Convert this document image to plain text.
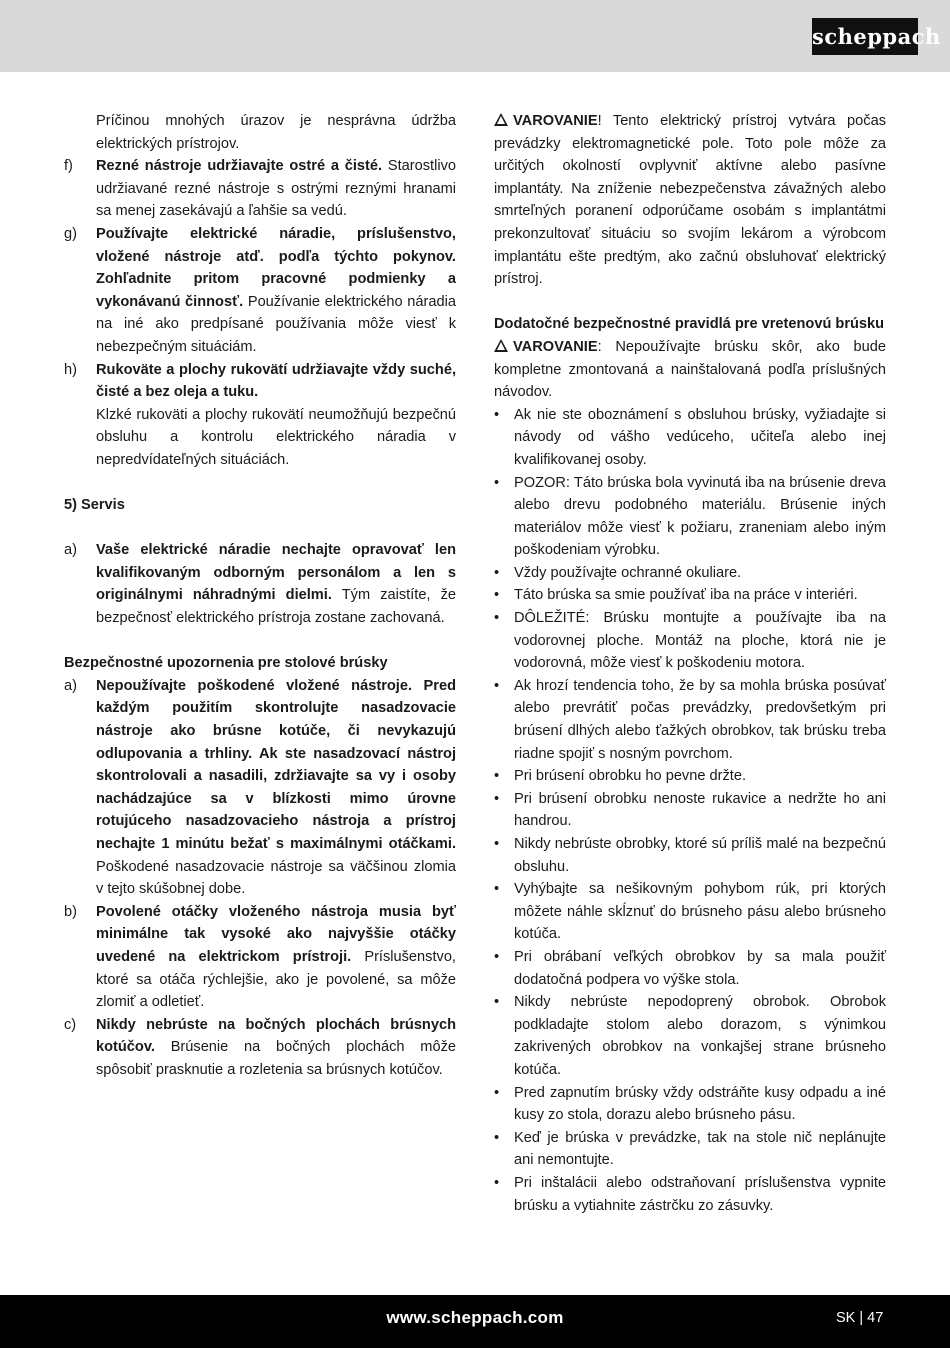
scheppach

Príčinou mnohých úrazov je nesprávna údržba elektrických prístrojov.

f) Rezné nástroje udržiavajte ostré a čisté. Starostlivo udržiavané rezné nástroje s ostrými reznými hranami sa menej zasekávajú a ľahšie sa vedú.
g) Používajte elektrické náradie, príslušenstvo, vložené nástroje atď. podľa týchto pokynov. Zohľadnite pritom pracovné podmienky a vykonávanú činnosť. Používanie elektrického náradia na iné ako predpísané používania môže viesť k nebezpečným situáciám.
h) Rukoväte a plochy rukovätí udržiavajte vždy suché, čisté a bez oleja a tuku.

Klzké rukoväti a plochy rukovätí neumožňujú bezpečnú obsluhu a kontrolu elektrického náradia v nepredvídateľných situáciách.

5) Servis

a) Vaše elektrické náradie nechajte opravovať len kvalifikovaným odborným personálom a len s originálnymi náhradnými dielmi. Tým zaistíte, že bezpečnosť elektrického prístroja zostane zachovaná.

Bezpečnostné upozornenia pre stolové brúsky

a) Nepoužívajte poškodené vložené nástroje. Pred každým použitím skontrolujte nasadzovacie nástroje ako brúsne kotúče, či nevykazujú odlupovania a trhliny. Ak ste nasadzovací nástroj skontrolovali a nasadili, zdržiavajte sa vy i osoby nachádzajúce sa v blízkosti mimo úrovne rotujúceho nasadzovacieho nástroja a prístroj nechajte 1 minútu bežať s maximálnymi otáčkami. Poškodené nasadzovacie nástroje sa väčšinou zlomia v tejto skúšobnej dobe.
b) Povolené otáčky vloženého nástroja musia byť minimálne tak vysoké ako najvyššie otáčky uvedené na elektrickom prístroji. Príslušenstvo, ktoré sa otáča rýchlejšie, ako je povolené, sa môže zlomiť a odletieť.
c) Nikdy nebrúste na bočných plochách brúsnych kotúčov. Brúsenie na bočných plochách môže spôsobiť prasknutie a rozletenia sa brúsnych kotúčov.

VAROVANIE! Tento elektrický prístroj vytvára počas prevádzky elektromagnetické pole. Toto pole môže za určitých okolností ovplyvniť aktívne alebo pasívne implantáty. Na zníženie nebezpečenstva závažných alebo smrteľných poranení odporúčame osobám s implantátmi prekonzultovať situáciu so svojím lekárom a výrobcom implantátu ešte predtým, ako začnú obsluhovať elektrický prístroj.

Dodatočné bezpečnostné pravidlá pre vretenovú brúsku

VAROVANIE: Nepoužívajte brúsku skôr, ako bude kompletne zmontovaná a nainštalovaná podľa príslušných návodov.

• Ak nie ste oboznámení s obsluhou brúsky, vyžiadajte si návody od vášho vedúceho, učiteľa alebo inej kvalifikovanej osoby.
• POZOR: Táto brúska bola vyvinutá iba na brúsenie dreva alebo drevu podobného materiálu. Brúsenie iných materiálov môže viesť k požiaru, zraneniam alebo iným poškodeniam výrobku.
• Vždy používajte ochranné okuliare.
• Táto brúska sa smie používať iba na práce v interiéri.
• DÔLEŽITÉ: Brúsku montujte a používajte iba na vodorovnej ploche. Montáž na ploche, ktorá nie je vodorovná, môže viesť k poškodeniu motora.
• Ak hrozí tendencia toho, že by sa mohla brúska posúvať alebo prevrátiť počas prevádzky, predovšetkým pri brúsení dlhých alebo ťažkých obrobkov, tak brúsku treba riadne spojiť s nosným povrchom.
• Pri brúsení obrobku ho pevne držte.
• Pri brúsení obrobku nenoste rukavice a nedržte ho ani handrou.
• Nikdy nebrúste obrobky, ktoré sú príliš malé na bezpečnú obsluhu.
• Vyhýbajte sa nešikovným pohybom rúk, pri ktorých môžete náhle skĺznuť do brúsneho pásu alebo brúsneho kotúča.
• Pri obrábaní veľkých obrobkov by sa mala použiť dodatočná podpera vo výške stola.
• Nikdy nebrúste nepodoprený obrobok. Obrobok podkladajte stolom alebo dorazom, s výnimkou zakrivených obrobkov na vonkajšej strane brúsneho kotúča.
• Pred zapnutím brúsky vždy odstráňte kusy odpadu a iné kusy zo stola, dorazu alebo brúsneho pásu.
• Keď je brúska v prevádzke, tak na stole nič neplánujte ani nemontujte.
• Pri inštalácii alebo odstraňovaní príslušenstva vypnite brúsku a vytiahnite zástrčku zo zásuvky.
www.scheppach.com	SK | 47
